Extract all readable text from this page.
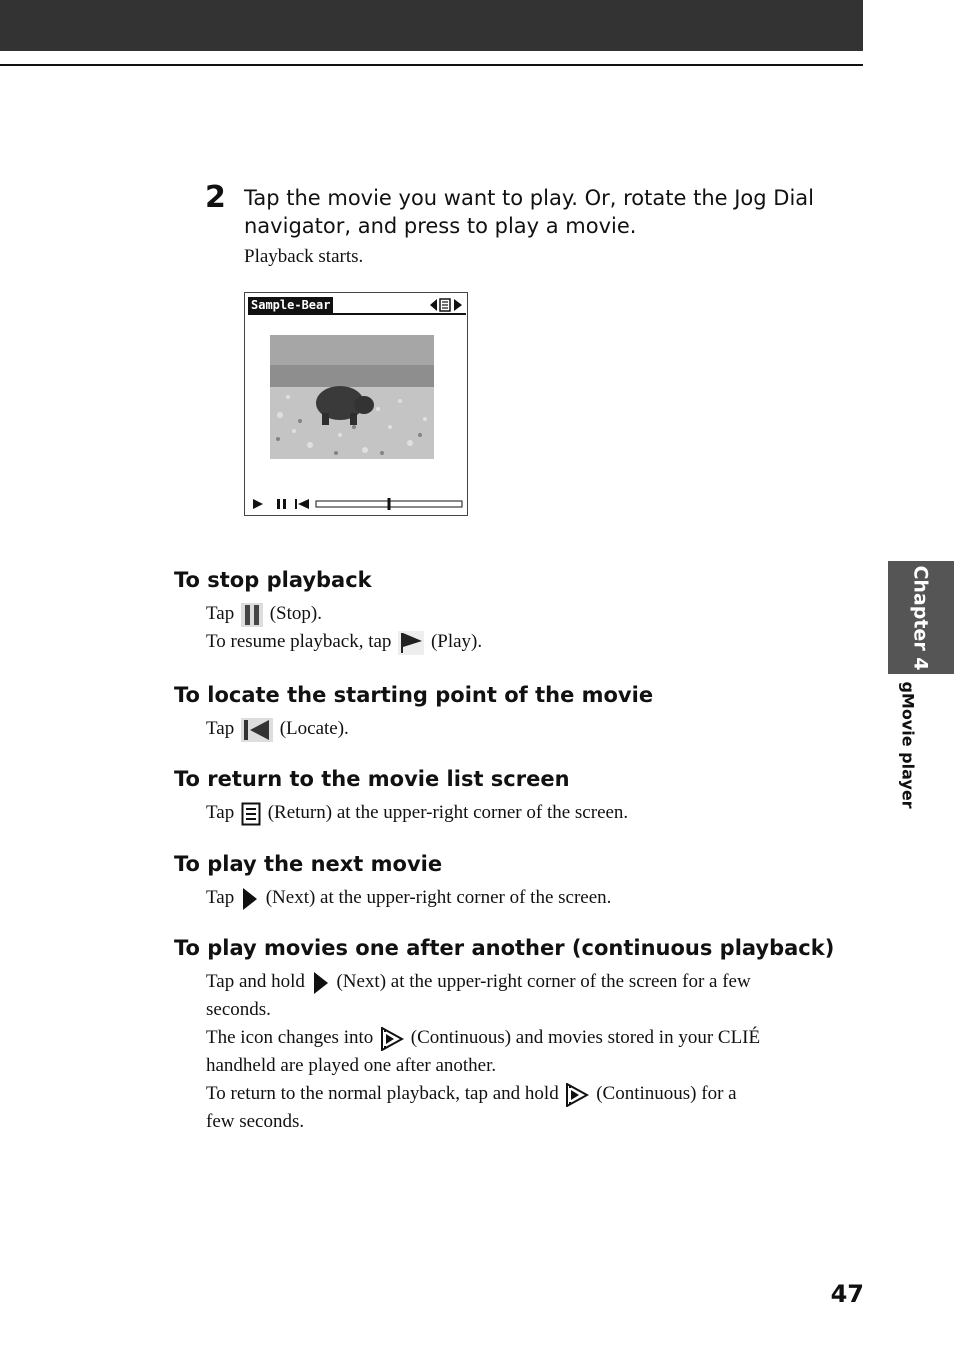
2 Tap the movie you want to play. Or, rotate the Jog Dial
navigator, and press to play a movie.
Playback starts.
Sample-Bear
To stop playback
Tap (Stop).
To resume playback, tap (Play).
To locate the starting point of the movie
Tap (Locate).
To return to the movie list screen
Tap (Return) at the upper-right corner of the screen.
To play the next movie
Tap (Next) at the upper-right corner of the screen.
To play movies one after another (continuous playback)
Tap and hold (Next) at the upper-right corner of the screen for a few
seconds.
The icon changes into (Continuous) and movies stored in your CLIÉ
handheld are played one after another.
To return to the normal playback, tap and hold (Continuous) for a
few seconds.
Chapter 4
gMovie player
47
